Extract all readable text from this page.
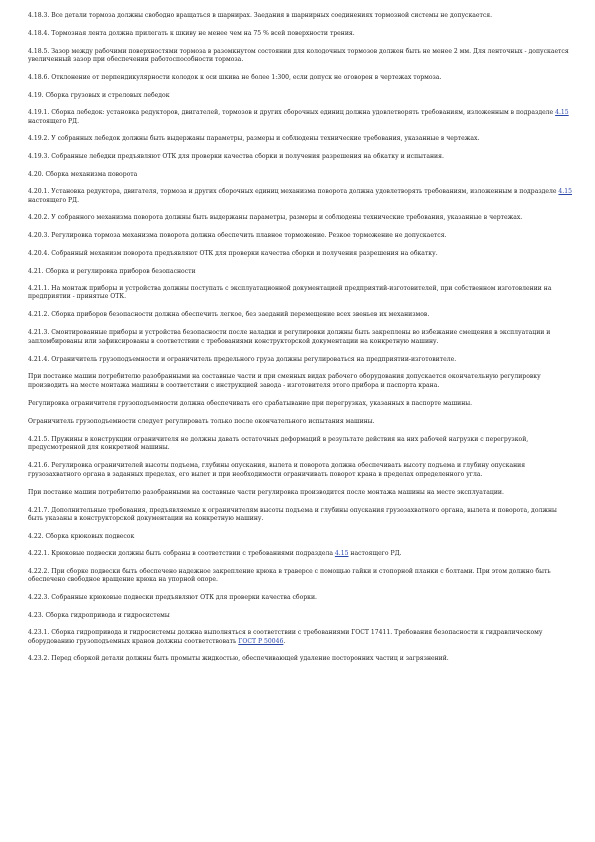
4.18.3. Все детали тормоза должны свободно вращаться в шарнирах. Заедания в шарнирных соединениях тормозной системы не допускается.

4.18.4. Тормозная лента должна прилегать к шкиву не менее чем на 75 % всей поверхности трения.

4.18.5. Зазор между рабочими поверхностями тормоза в разомкнутом состоянии для колодочных тормозов должен быть не менее 2 мм. Для ленточных - допускается увеличенный зазор при обеспечении работоспособности тормоза.

4.18.6. Отклонение от перпендикулярности колодок к оси шкива не более 1:300, если допуск не оговорен в чертежах тормоза.

4.19. Сборка грузовых и стреловых лебедок

4.19.1. Сборка лебедок: установка редукторов, двигателей, тормозов и других сборочных единиц должна удовлетворять требованиям, изложенным в подразделе 4.15 настоящего РД.

4.19.2. У собранных лебедок должны быть выдержаны параметры, размеры и соблюдены технические требования, указанные в чертежах.

4.19.3. Собранные лебедки предъявляют ОТК для проверки качества сборки и получения разрешения на обкатку и испытания.

4.20. Сборка механизма поворота

4.20.1. Установка редуктора, двигателя, тормоза и других сборочных единиц механизма поворота должна удовлетворять требованиям, изложенным в подразделе 4.15 настоящего РД.

4.20.2. У собранного механизма поворота должны быть выдержаны параметры, размеры и соблюдены технические требования, указанные в чертежах.

4.20.3. Регулировка тормоза механизма поворота должна обеспечить плавное торможение. Резкое торможение не допускается.

4.20.4. Собранный механизм поворота предъявляют ОТК для проверки качества сборки и получения разрешения на обкатку.

4.21. Сборка и регулировка приборов безопасности

4.21.1. На монтаж приборы и устройства должны поступать с эксплуатационной документацией предприятий-изготовителей, при собственном изготовлении на предприятии - принятые ОТК.

4.21.2. Сборка приборов безопасности должна обеспечить легкое, без заеданий перемещение всех звеньев их механизмов.

4.21.3. Смонтированные приборы и устройства безопасности после наладки и регулировки должны быть закреплены во избежание смещения в эксплуатации и запломбированы или зафиксированы в соответствии с требованиями конструкторской документации на конкретную машину.

4.21.4. Ограничитель грузоподъемности и ограничитель предельного груза должны регулироваться на предприятии-изготовителе.

При поставке машин потребителю разобранными на составные части и при сменных видах рабочего оборудования допускается окончательную регулировку производить на месте монтажа машины в соответствии с инструкцией завода - изготовителя этого прибора и паспорта крана.

Регулировка ограничителя грузоподъемности должна обеспечивать его срабатывание при перегрузках, указанных в паспорте машины.

Ограничитель грузоподъемности следует регулировать только после окончательного испытания машины.

4.21.5. Пружины в конструкции ограничителя не должны давать остаточных деформаций в результате действия на них рабочей нагрузки с перегрузкой, предусмотренной для конкретной машины.

4.21.6. Регулировка ограничителей высоты подъема, глубины опускания, вылета и поворота должна обеспечивать высоту подъема и глубину опускания грузозахватного органа в заданных пределах, его вылет и при необходимости ограничивать поворот крана в пределах определенного угла.

При поставке машин потребителю разобранными на составные части регулировка производится после монтажа машины на месте эксплуатации.

4.21.7. Дополнительные требования, предъявляемые к ограничителям высоты подъема и глубины опускания грузозахватного органа, вылета и поворота, должны быть указаны в конструкторской документации на конкретную машину.

4.22. Сборка крюковых подвесок

4.22.1. Крюковые подвески должны быть собраны в соответствии с требованиями подраздела 4.15 настоящего РД.

4.22.2. При сборке подвески быть обеспечено надежное закрепление крюка в траверсе с помощью гайки и стопорной планки с болтами. При этом должно быть обеспечено свободное вращение крюка на упорной опоре.

4.22.3. Собранные крюковые подвески предъявляют ОТК для проверки качества сборки.

4.23. Сборка гидропривода и гидросистемы

4.23.1. Сборка гидропривода и гидросистемы должна выполняться в соответствии с требованиями ГОСТ 17411. Требования безопасности к гидравлическому оборудованию грузоподъемных кранов должны соответствовать ГОСТ Р 50046.

4.23.2. Перед сборкой детали должны быть промыты жидкостью, обеспечивающей удаление посторонних частиц и загрязнений.
